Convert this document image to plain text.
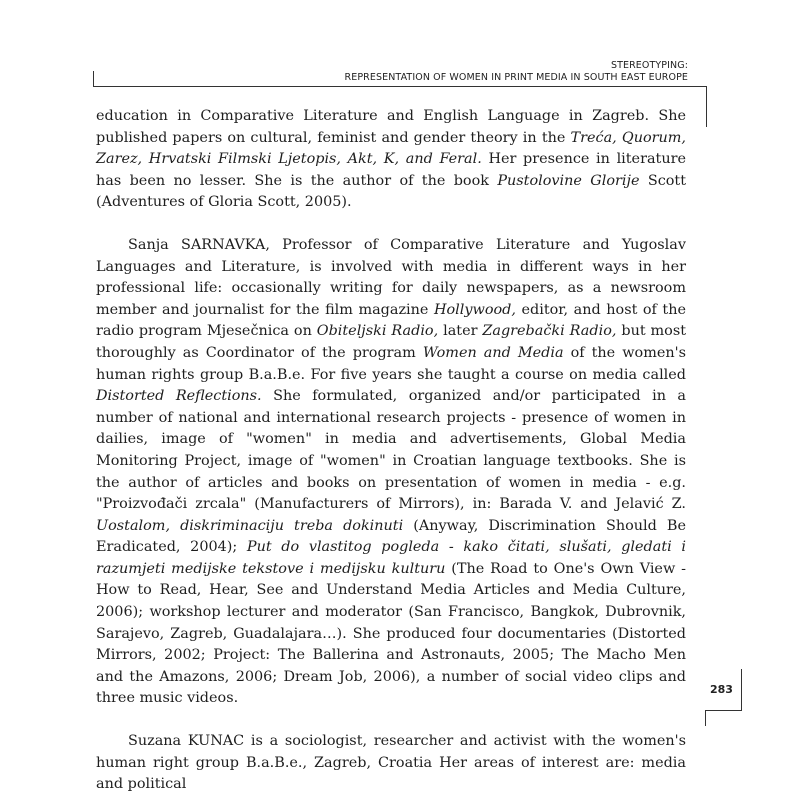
STEREOTYPING:
REPRESENTATION OF WOMEN IN PRINT MEDIA IN SOUTH EAST EUROPE

education in Comparative Literature and English Language in Zagreb. She published papers on cultural, feminist and gender theory in the Treća, Quorum, Zarez, Hrvatski Filmski Ljetopis, Akt, K, and Feral. Her presence in literature has been no lesser. She is the author of the book Pustolovine Glorije Scott (Adventures of Gloria Scott, 2005).

Sanja SARNAVKA, Professor of Comparative Literature and Yugoslav Languages and Literature, is involved with media in different ways in her professional life: occasionally writing for daily newspapers, as a newsroom member and journalist for the film magazine Hollywood, editor, and host of the radio program Mjesečnica on Obiteljski Radio, later Zagrebački Radio, but most thoroughly as Coordinator of the program Women and Media of the women's human rights group B.a.B.e. For five years she taught a course on media called Distorted Reflections. She formulated, organized and/or participated in a number of national and international research projects - presence of women in dailies, image of "women" in media and advertisements, Global Media Monitoring Project, image of "women" in Croatian language textbooks. She is the author of articles and books on presentation of women in media - e.g. "Proizvođači zrcala" (Manufacturers of Mirrors), in: Barada V. and Jelavić Z. Uostalom, diskriminaciju treba dokinuti (Anyway, Discrimination Should Be Eradicated, 2004); Put do vlastitog pogleda - kako čitati, slušati, gledati i razumjeti medijske tekstove i medijsku kulturu (The Road to One's Own View - How to Read, Hear, See and Understand Media Articles and Media Culture, 2006); workshop lecturer and moderator (San Francisco, Bangkok, Dubrovnik, Sarajevo, Zagreb, Guadalajara…). She produced four documentaries (Distorted Mirrors, 2002; Project: The Ballerina and Astronauts, 2005; The Macho Men and the Amazons, 2006; Dream Job, 2006), a number of social video clips and three music videos.

Suzana KUNAC is a sociologist, researcher and activist with the women's human right group B.a.B.e., Zagreb, Croatia Her areas of interest are: media and political

283
